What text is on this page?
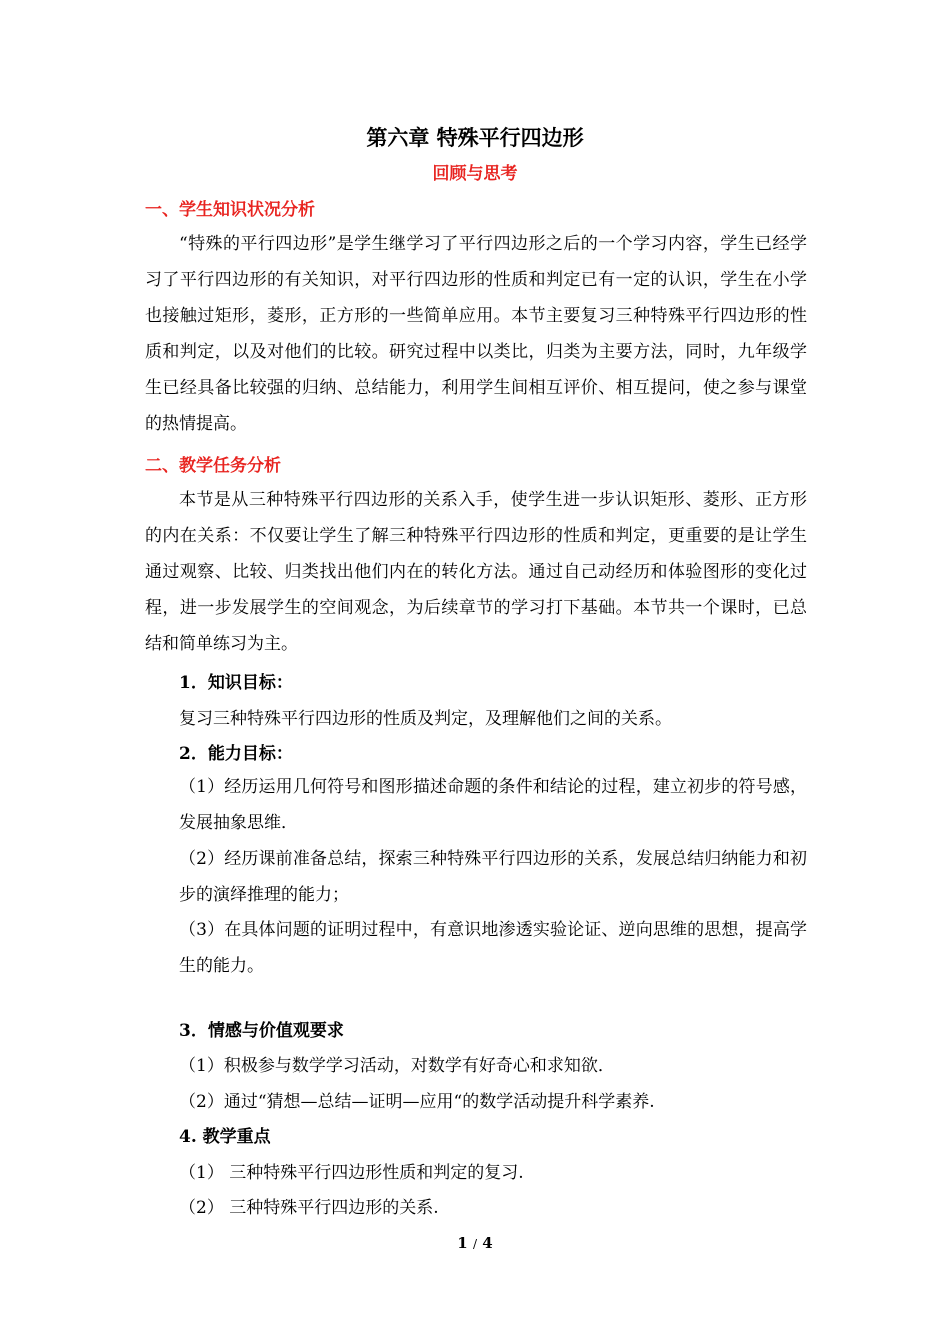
第六章 特殊平行四边形
回顾与思考
一、学生知识状况分析

“特殊的平行四边形”是学生继学习了平行四边形之后的一个学习内容，学生已经学习了平行四边形的有关知识，对平行四边形的性质和判定已有一定的认识，学生在小学也接触过矩形，菱形，正方形的一些简单应用。本节主要复习三种特殊平行四边形的性质和判定，以及对他们的比较。研究过程中以类比，归类为主要方法，同时，九年级学生已经具备比较强的归纳、总结能力，利用学生间相互评价、相互提问，使之参与课堂的热情提高。

二、教学任务分析

本节是从三种特殊平行四边形的关系入手，使学生进一步认识矩形、菱形、正方形的内在关系：不仅要让学生了解三种特殊平行四边形的性质和判定，更重要的是让学生通过观察、比较、归类找出他们内在的转化方法。通过自己动经历和体验图形的变化过程，进一步发展学生的空间观念，为后续章节的学习打下基础。本节共一个课时，已总结和简单练习为主。

1．知识目标：
复习三种特殊平行四边形的性质及判定，及理解他们之间的关系。
2．能力目标：

（1）经历运用几何符号和图形描述命题的条件和结论的过程，建立初步的符号感，发展抽象思维．

（2）经历课前准备总结，探索三种特殊平行四边形的关系，发展总结归纳能力和初步的演绎推理的能力；

（3）在具体问题的证明过程中，有意识地渗透实验论证、逆向思维的思想，提高学生的能力。

3．情感与价值观要求
（1）积极参与数学学习活动，对数学有好奇心和求知欲．
（2）通过“猜想—总结—证明—应用“的数学活动提升科学素养.
4. 教学重点
（1） 三种特殊平行四边形性质和判定的复习.
（2） 三种特殊平行四边形的关系.
1 / 4
